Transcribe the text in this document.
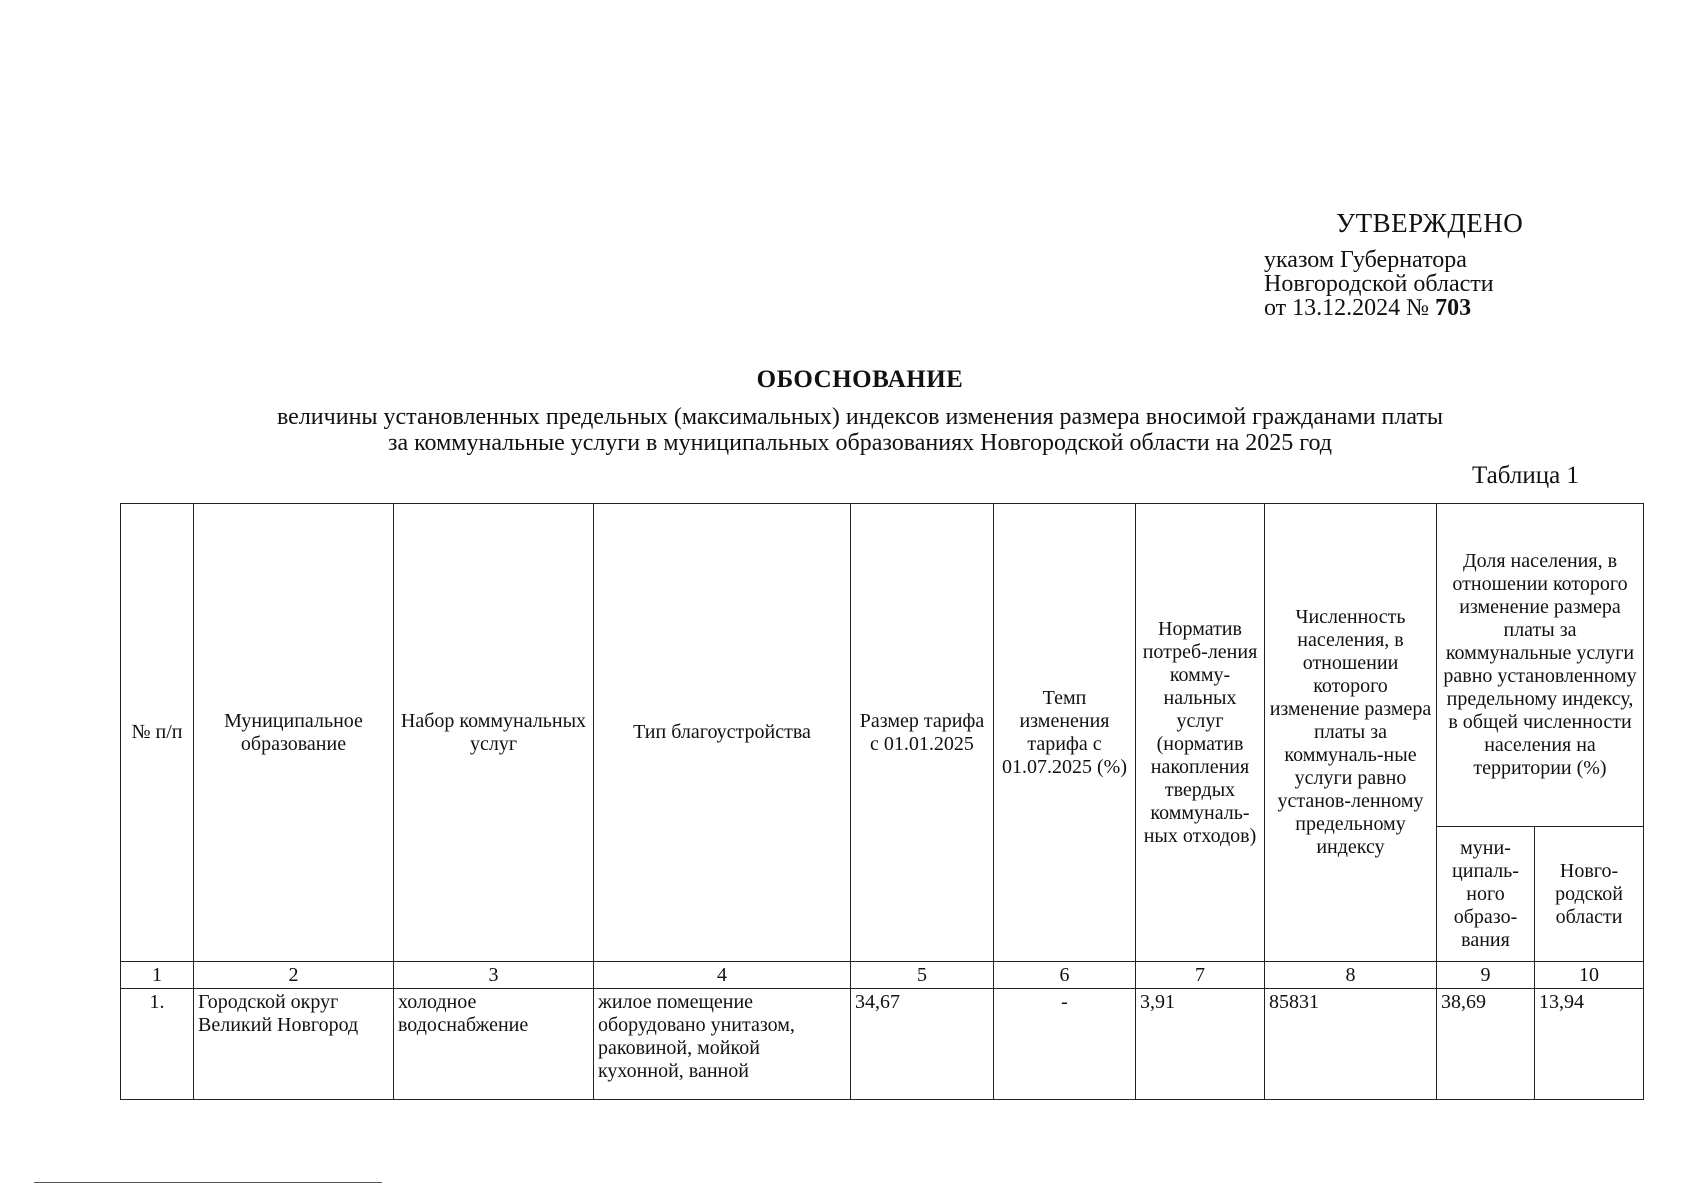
УТВЕРЖДЕНО
указом Губернатора
Новгородской области
от 13.12.2024 № 703
ОБОСНОВАНИЕ
величины установленных предельных (максимальных) индексов изменения размера вносимой гражданами платы
за коммунальные услуги в муниципальных образованиях Новгородской области на 2025 год
Таблица 1
№ п/п	Муниципальное образование	Набор коммунальных услуг	Тип благоустройства	Размер тарифа с 01.01.2025	Темп изменения тарифа с 01.07.2025 (%)	Норматив потреб-ления комму-нальных услуг (норматив накопления твердых коммуналь-ных отходов)	Численность населения, в отношении которого изменение размера платы за коммуналь-ные услуги равно установ-ленному предельному индексу	Доля населения, в отношении которого изменение размера платы за коммунальные услуги равно установленному предельному индексу, в общей численности населения на территории (%)	
								муни-ципаль-ного образо-вания	Новго-родской области
1	2	3	4	5	6	7	8	9	10
1.	Городской округ Великий Новгород	холодное водоснабжение	жилое помещение оборудовано унитазом, раковиной, мойкой кухонной, ванной	34,67	-	3,91	85831	38,69	13,94
